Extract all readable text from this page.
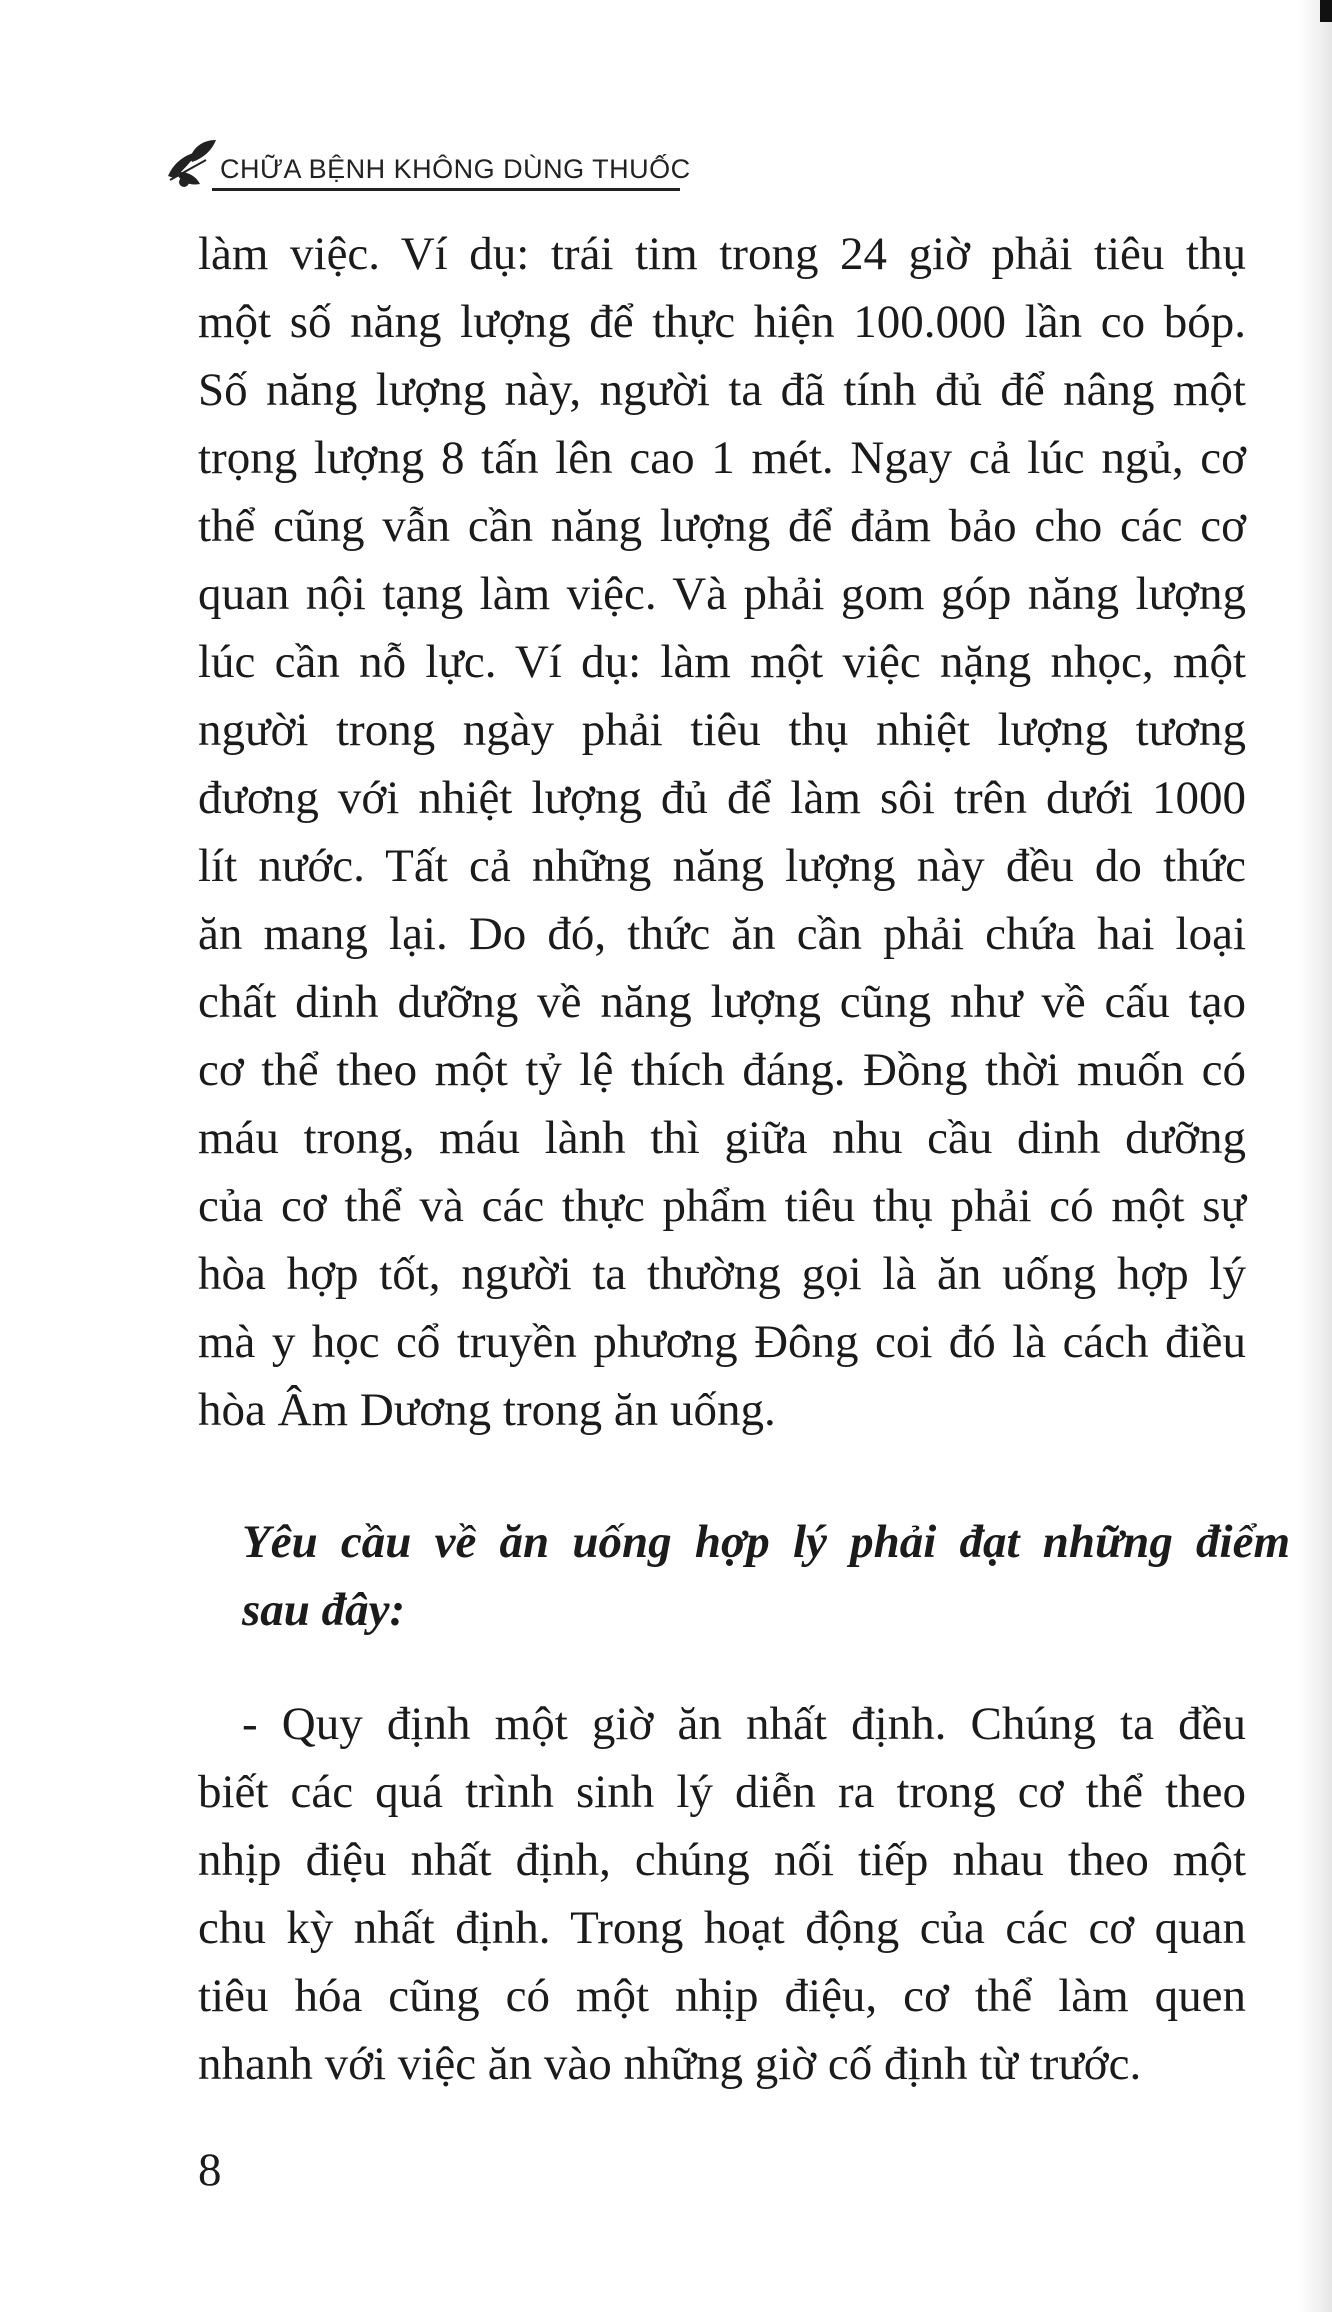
CHỮA BỆNH KHÔNG DÙNG THUỐC
làm việc. Ví dụ: trái tim trong 24 giờ phải tiêu thụ
một số năng lượng để thực hiện 100.000 lần co bóp.
Số năng lượng này, người ta đã tính đủ để nâng một
trọng lượng 8 tấn lên cao 1 mét. Ngay cả lúc ngủ, cơ
thể cũng vẫn cần năng lượng để đảm bảo cho các cơ
quan nội tạng làm việc. Và phải gom góp năng lượng
lúc cần nỗ lực. Ví dụ: làm một việc nặng nhọc, một
người trong ngày phải tiêu thụ nhiệt lượng tương
đương với nhiệt lượng đủ để làm sôi trên dưới 1000
lít nước. Tất cả những năng lượng này đều do thức
ăn mang lại. Do đó, thức ăn cần phải chứa hai loại
chất dinh dưỡng về năng lượng cũng như về cấu tạo
cơ thể theo một tỷ lệ thích đáng. Đồng thời muốn có
máu trong, máu lành thì giữa nhu cầu dinh dưỡng
của cơ thể và các thực phẩm tiêu thụ phải có một sự
hòa hợp tốt, người ta thường gọi là ăn uống hợp lý
mà y học cổ truyền phương Đông coi đó là cách điều
hòa Âm Dương trong ăn uống.
Yêu cầu về ăn uống hợp lý phải đạt những điểm
sau đây:
- Quy định một giờ ăn nhất định. Chúng ta đều
biết các quá trình sinh lý diễn ra trong cơ thể theo
nhịp điệu nhất định, chúng nối tiếp nhau theo một
chu kỳ nhất định. Trong hoạt động của các cơ quan
tiêu hóa cũng có một nhịp điệu, cơ thể làm quen
nhanh với việc ăn vào những giờ cố định từ trước.
8
